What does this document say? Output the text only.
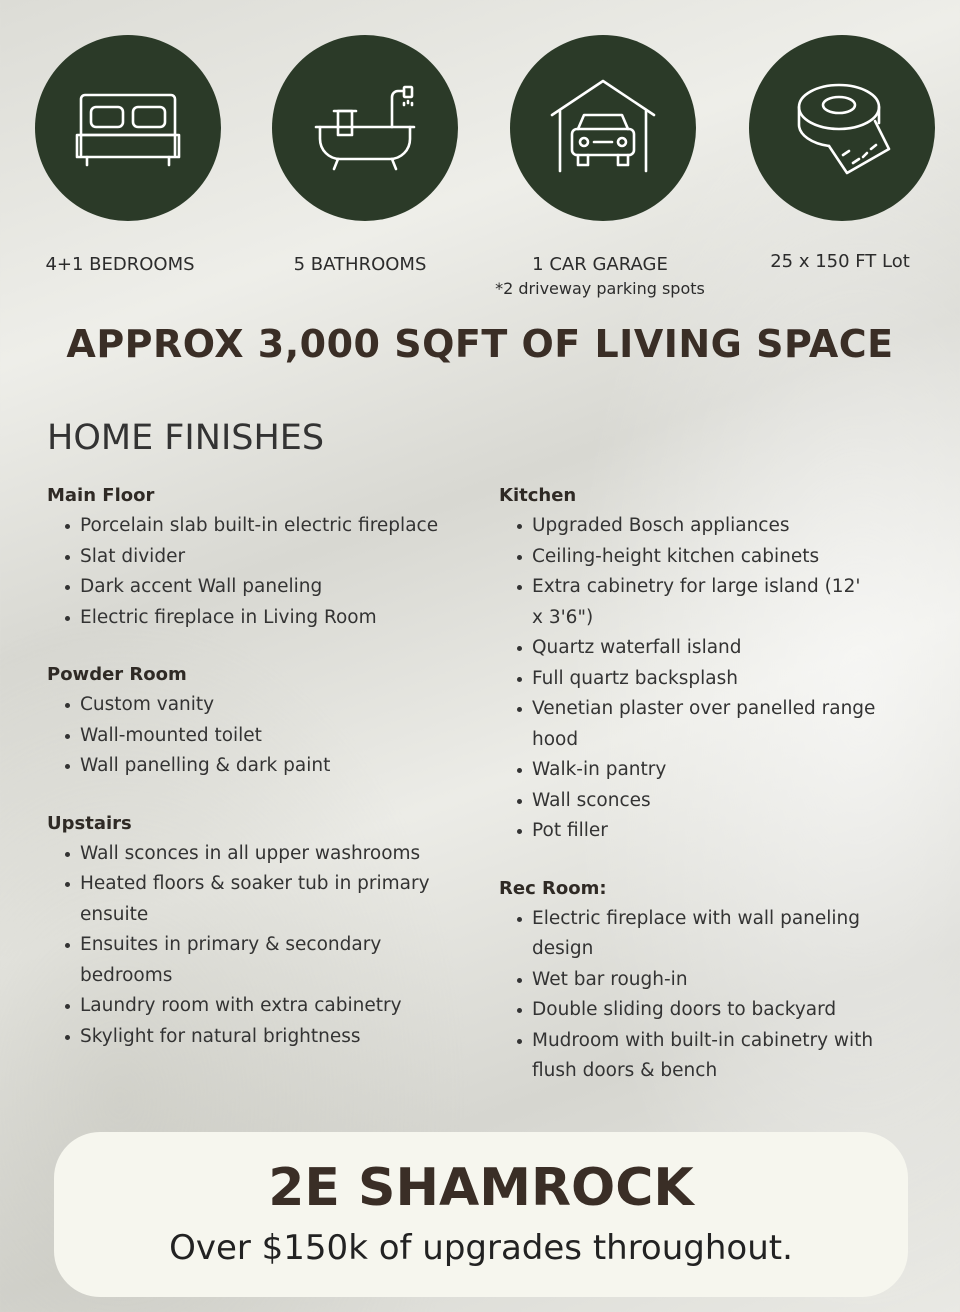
4+1 BEDROOMS	5 BATHROOMS	1 CAR GARAGE
*2 driveway parking spots
25 x 150 FT Lot
APPROX 3,000 SQFT OF LIVING SPACE
HOME FINISHES
Main Floor
Porcelain slab built-in electric fireplace
Slat divider
Dark accent Wall paneling
Electric fireplace in Living Room
Powder Room
Custom vanity
Wall-mounted toilet
Wall panelling & dark paint
Upstairs
Wall sconces in all upper washrooms
Heated floors & soaker tub in primary ensuite
Ensuites in primary & secondary bedrooms
Laundry room with extra cabinetry
Skylight for natural brightness
Kitchen
Upgraded Bosch appliances
Ceiling-height kitchen cabinets
Extra cabinetry for large island (12' x 3'6")
Quartz waterfall island
Full quartz backsplash
Venetian plaster over panelled range hood
Walk-in pantry
Wall sconces
Pot filler
Rec Room:
Electric fireplace with wall paneling design
Wet bar rough-in
Double sliding doors to backyard
Mudroom with built-in cabinetry with flush doors & bench
2E SHAMROCK
Over $150k of upgrades throughout.
